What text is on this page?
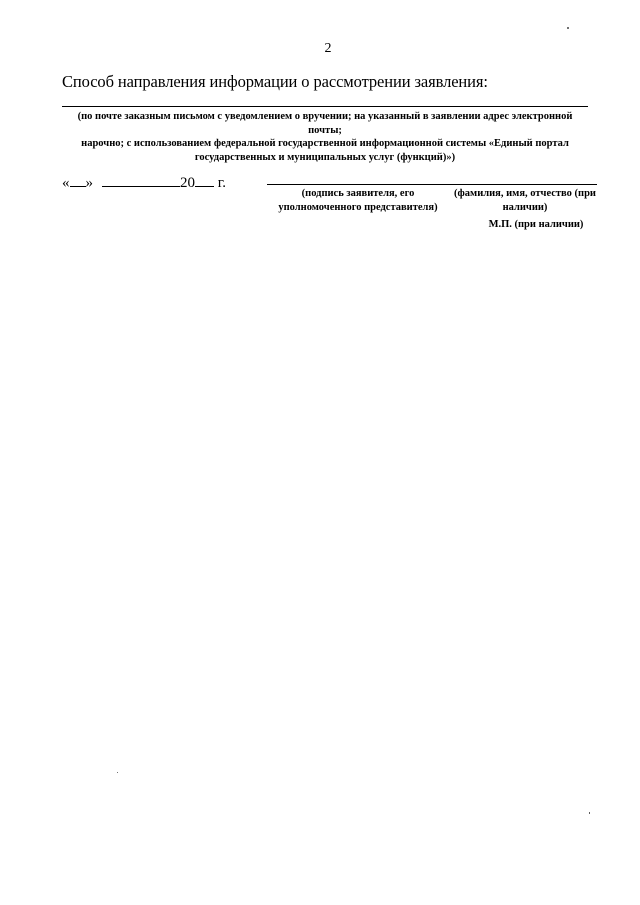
2
Способ направления информации о рассмотрении заявления:
(по почте заказным письмом с уведомлением о вручении; на указанный в заявлении адрес электронной почты;
нарочно; с использованием федеральной государственной информационной системы «Единый портал
государственных и муниципальных услуг (функций)»)
« »	20 г.
(подпись заявителя, его
уполномоченного представителя)
(фамилия, имя, отчество (при
наличии)
М.П. (при наличии)
